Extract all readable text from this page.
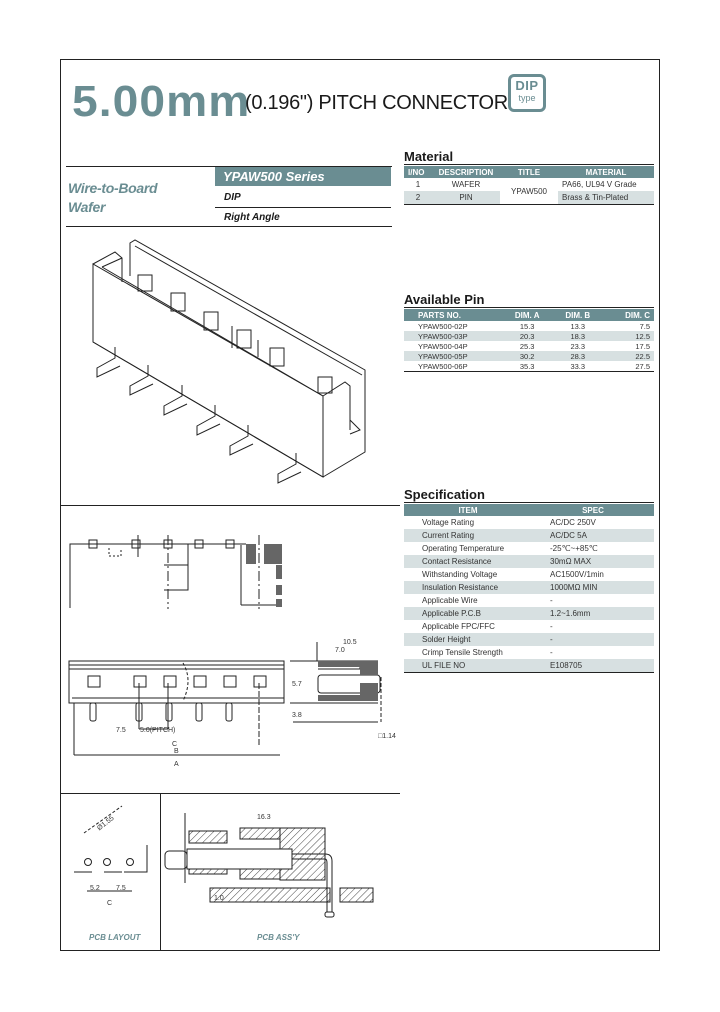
5.00mm
(0.196") PITCH CONNECTOR
DIP
type
YPAW500 Series
Wire-to-Board
Wafer
DIP
Right Angle
5.0(PITCH)
7.5
C
B
A
10.5
7.0
5.7
3.8
□1.14
Ø1.55
5.2 7.5
C
PCB LAYOUT
16.3
1.0
PCB ASS'Y
Material
I/NO	DESCRIPTION	TITLE	MATERIAL
1	WAFER	YPAW500	PA66, UL94 V Grade
2	PIN		Brass & Tin-Plated
Available Pin
PARTS NO.	DIM. A	DIM. B	DIM. C
YPAW500-02P	15.3	13.3	7.5
YPAW500-03P	20.3	18.3	12.5
YPAW500-04P	25.3	23.3	17.5
YPAW500-05P	30.2	28.3	22.5
YPAW500-06P	35.3	33.3	27.5
Specification
ITEM	SPEC
Voltage Rating	AC/DC 250V
Current Rating	AC/DC 5A
Operating Temperature	-25℃~+85℃
Contact Resistance	30mΩ MAX
Withstanding Voltage	AC1500V/1min
Insulation Resistance	1000MΩ MIN
Applicable Wire	-
Applicable P.C.B	1.2~1.6mm
Applicable FPC/FFC	-
Solder Height	-
Crimp Tensile Strength	-
UL FILE NO	E108705
